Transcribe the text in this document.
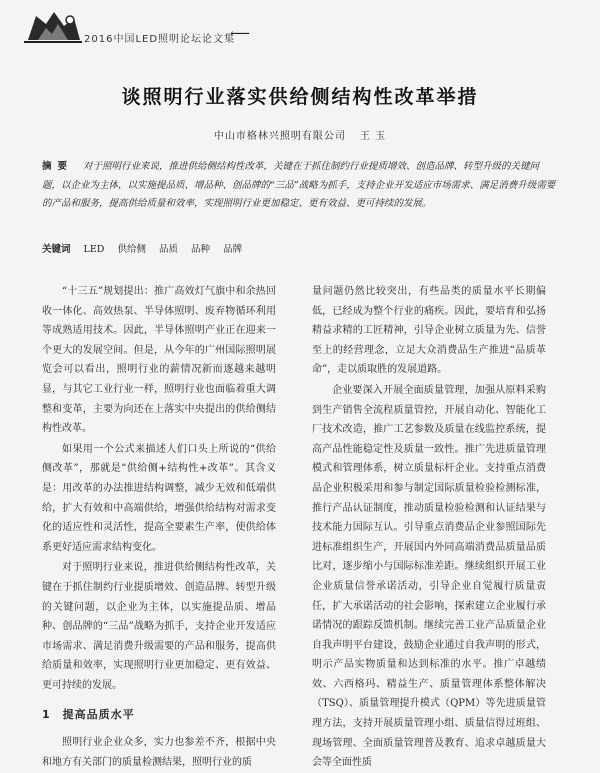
2016中国LED照明论坛论文集
⟵
谈照明行业落实供给侧结构性改革举措
中山市格林兴照明有限公司 王 玉
摘要 对于照明行业来说，推进供给侧结构性改革，关键在于抓住制约行业提质增效、创造品牌、转型升级的关键问题，以企业为主体，以实施提品质、增品种、创品牌的“三品”战略为抓手，支持企业开发适应市场需求、满足消费升级需要的产品和服务，提高供给质量和效率，实现照明行业更加稳定、更有效益、更可持续的发展。
关键词 LED 供给侧 品质 品种 品牌

“十三五”规划提出：推广高效灯气旗中和余热回收一体化、高效热泵、半导体照明、废弃物循环利用等成熟适用技术。因此，半导体照明产业正在迎来一个更大的发展空间。但是，从今年的广州国际照明展览会可以看出，照明行业的薪情况新而逐越来越明显，与其它工业行业一样，照明行业也面临着重大调整和变革，主要为向还在上落实中央提出的供给侧结构性改革。

如果用一个公式来描述人们口头上所说的“供给侧改革”，那就是“供给侧+结构性+改革”。其含义是：用改革的办法推进结构调整，减少无效和低端供给，扩大有效和中高端供给，增强供给结构对需求变化的适应性和灵活性，提高全要素生产率，使供给体系更好适应需求结构变化。

对于照明行业来说，推进供给侧结构性改革，关键在于抓住制约行业提质增效、创造品牌、转型升级的关键问题，以企业为主体，以实施提品质、增品种、创品牌的“三品”战略为抓手，支持企业开发适应市场需求、满足消费升级需要的产品和服务，提高供给质量和效率，实现照明行业更加稳定、更有效益、更可持续的发展。

1 提高品质水平

照明行业企业众多，实力也参差不齐，根据中央和地方有关部门的质量检测结果，照明行业的质

量问题仍然比较突出，有些品类的质量水平长期偏低，已经成为整个行业的痛疾。因此，要培育和弘扬精益求精的工匠精神，引导企业树立质量为先、信誉至上的经营理念，立足大众消费品生产推进“品质革命”，走以质取胜的发展道路。

企业要深入开展全面质量管理，加强从原料采购到生产销售全流程质量管控，开展自动化、智能化工厂技术改造，推广工艺参数及质量在线监控系统，提高产品性能稳定性及质量一致性。推广先进质量管理模式和管理体系，树立质量标杆企业。支持重点消费品企业积极采用和参与制定国际质量检验检测标准，推行产品认证制度，推动质量检验检测和认证结果与技术能力国际互认。引导重点消费品企业参照国际先进标准组织生产，开展国内外同高端消费品质量品质比对，逐步缩小与国际标准差距。继续组织开展工业企业质量信誉承诺活动，引导企业自觉履行质量责任，扩大承诺活动的社会影响，探索建立企业履行承诺情况的跟踪反馈机制。继续完善工业产品质量企业自我声明平台建设，鼓励企业通过自我声明的形式，明示产品实物质量和达到标准的水平。推广卓越绩效、六西格玛、精益生产、质量管理体系整体解决（TSQ）、质量管理提升模式（QPM）等先进质量管理方法，支持开展质量管理小组、质量信得过班组、现场管理、全面质量管理普及教育、追求卓越质量大会等全面性质
